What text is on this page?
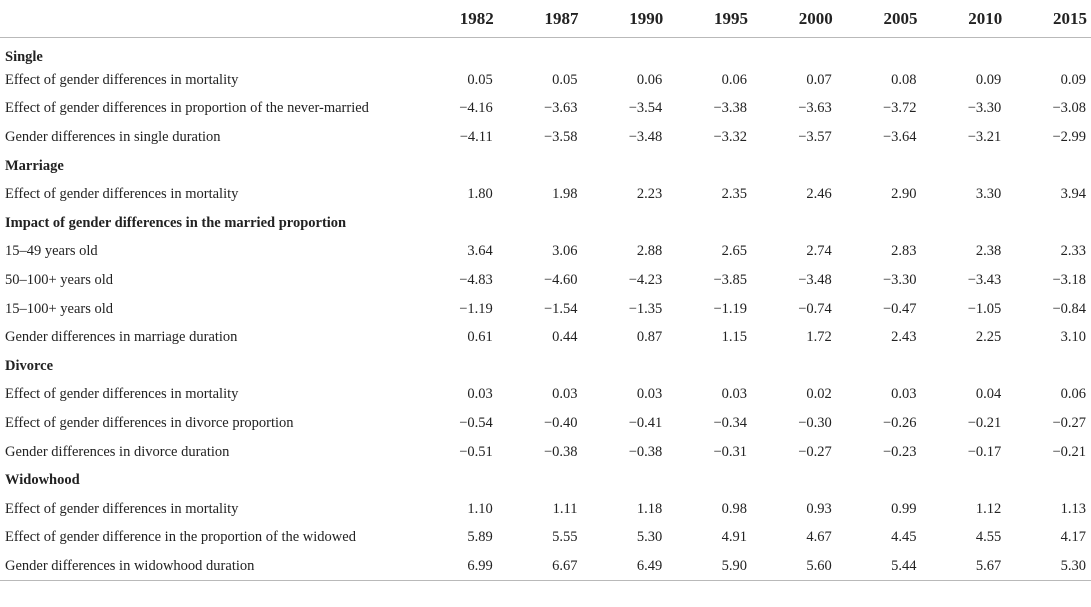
	1982	1987	1990	1995	2000	2005	2010	2015
Single								
Effect of gender differences in mortality	0.05	0.05	0.06	0.06	0.07	0.08	0.09	0.09
Effect of gender differences in proportion of the never-married	−4.16	−3.63	−3.54	−3.38	−3.63	−3.72	−3.30	−3.08
Gender differences in single duration	−4.11	−3.58	−3.48	−3.32	−3.57	−3.64	−3.21	−2.99
Marriage								
Effect of gender differences in mortality	1.80	1.98	2.23	2.35	2.46	2.90	3.30	3.94
Impact of gender differences in the married proportion								
15–49 years old	3.64	3.06	2.88	2.65	2.74	2.83	2.38	2.33
50–100+ years old	−4.83	−4.60	−4.23	−3.85	−3.48	−3.30	−3.43	−3.18
15–100+ years old	−1.19	−1.54	−1.35	−1.19	−0.74	−0.47	−1.05	−0.84
Gender differences in marriage duration	0.61	0.44	0.87	1.15	1.72	2.43	2.25	3.10
Divorce								
Effect of gender differences in mortality	0.03	0.03	0.03	0.03	0.02	0.03	0.04	0.06
Effect of gender differences in divorce proportion	−0.54	−0.40	−0.41	−0.34	−0.30	−0.26	−0.21	−0.27
Gender differences in divorce duration	−0.51	−0.38	−0.38	−0.31	−0.27	−0.23	−0.17	−0.21
Widowhood								
Effect of gender differences in mortality	1.10	1.11	1.18	0.98	0.93	0.99	1.12	1.13
Effect of gender difference in the proportion of the widowed	5.89	5.55	5.30	4.91	4.67	4.45	4.55	4.17
Gender differences in widowhood duration	6.99	6.67	6.49	5.90	5.60	5.44	5.67	5.30
